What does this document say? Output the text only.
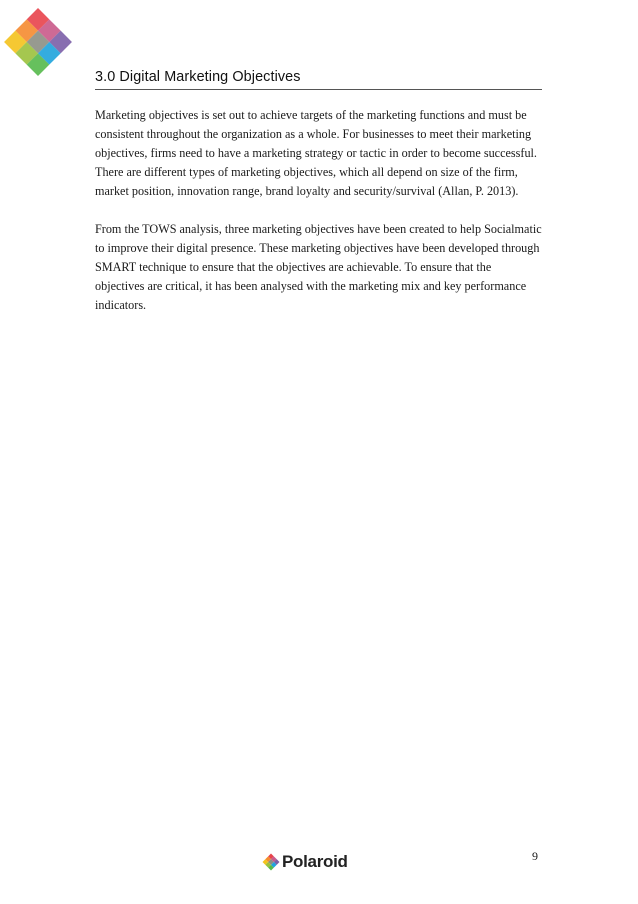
3.0 Digital Marketing Objectives

Marketing objectives is set out to achieve targets of the marketing functions and must be consistent throughout the organization as a whole. For businesses to meet their marketing objectives, firms need to have a marketing strategy or tactic in order to become successful. There are different types of marketing objectives, which all depend on size of the firm, market position, innovation range, brand loyalty and security/survival (Allan, P. 2013).

From the TOWS analysis, three marketing objectives have been created to help Socialmatic to improve their digital presence. These marketing objectives have been developed through SMART technique to ensure that the objectives are achievable. To ensure that the objectives are critical, it has been analysed with the marketing mix and key performance indicators.

9
Polaroid
